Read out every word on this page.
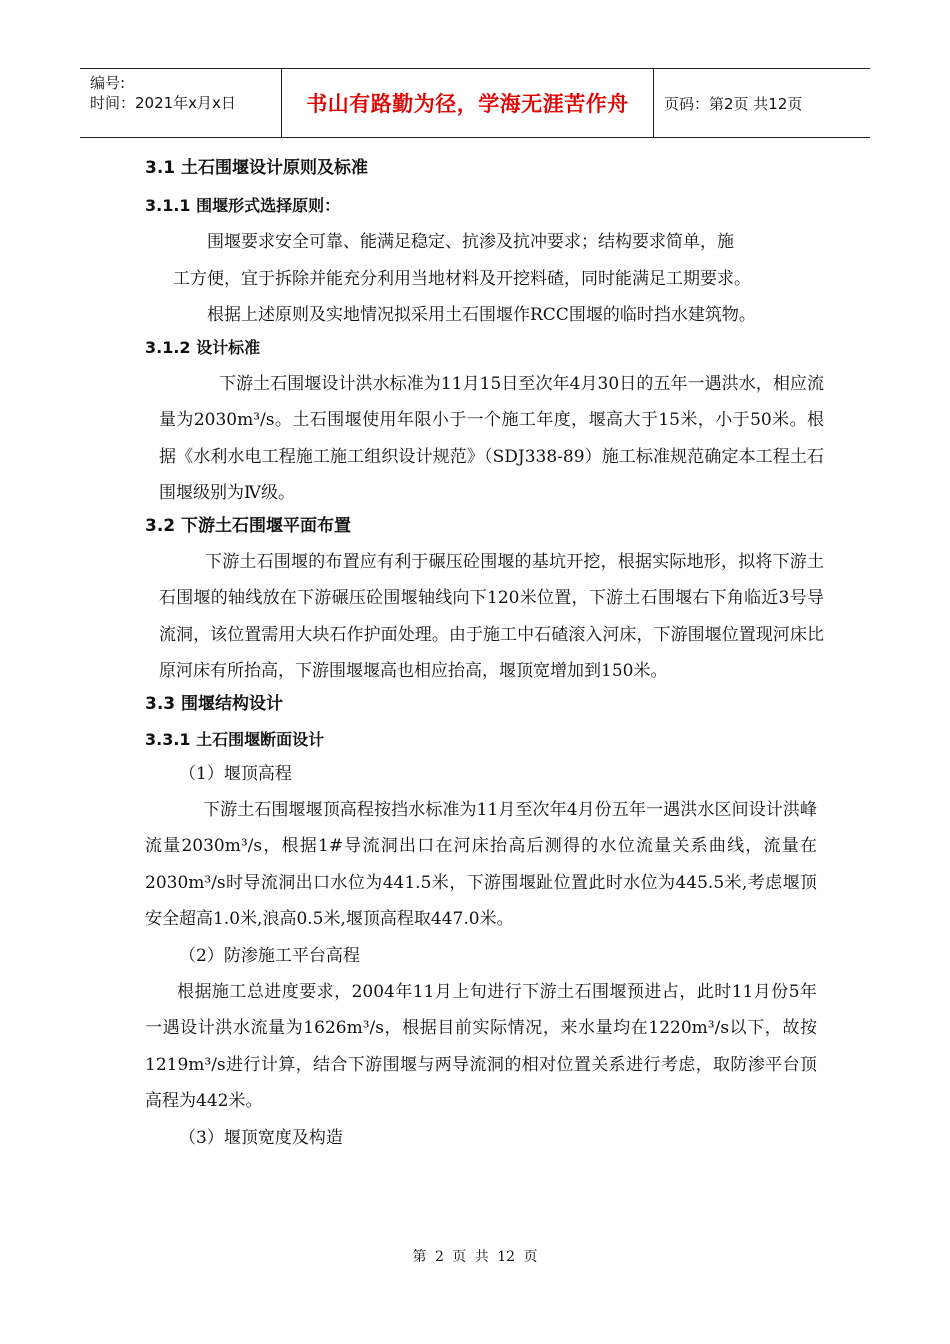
编号:
时间：2021年x月x日	书山有路勤为径，学海无涯苦作舟	页码：第2页 共12页
3.1 土石围堰设计原则及标准
3.1.1 围堰形式选择原则：
围堰要求安全可靠、能满足稳定、抗渗及抗冲要求；结构要求简单，施
工方便，宜于拆除并能充分利用当地材料及开挖料碴，同时能满足工期要求。
根据上述原则及实地情况拟采用土石围堰作RCC围堰的临时挡水建筑物。
3.1.2 设计标准
下游土石围堰设计洪水标准为11月15日至次年4月30日的五年一遇洪水，相应流量为2030m³/s。土石围堰使用年限小于一个施工年度，堰高大于15米，小于50米。根据《水利水电工程施工施工组织设计规范》（SDJ338-89）施工标准规范确定本工程土石围堰级别为Ⅳ级。
3.2 下游土石围堰平面布置
下游土石围堰的布置应有利于碾压砼围堰的基坑开挖，根据实际地形，拟将下游土石围堰的轴线放在下游碾压砼围堰轴线向下120米位置，下游土石围堰右下角临近3号导流洞，该位置需用大块石作护面处理。由于施工中石碴滚入河床，下游围堰位置现河床比原河床有所抬高，下游围堰堰高也相应抬高，堰顶宽增加到150米。
3.3 围堰结构设计
3.3.1 土石围堰断面设计
（1）堰顶高程
下游土石围堰堰顶高程按挡水标准为11月至次年4月份五年一遇洪水区间设计洪峰流量2030m³/s，根据1#导流洞出口在河床抬高后测得的水位流量关系曲线，流量在2030m³/s时导流洞出口水位为441.5米，下游围堰趾位置此时水位为445.5米,考虑堰顶安全超高1.0米,浪高0.5米,堰顶高程取447.0米。
（2）防渗施工平台高程
根据施工总进度要求，2004年11月上旬进行下游土石围堰预进占，此时11月份5年一遇设计洪水流量为1626m³/s，根据目前实际情况，来水量均在1220m³/s以下，故按1219m³/s进行计算，结合下游围堰与两导流洞的相对位置关系进行考虑，取防渗平台顶高程为442米。
（3）堰顶宽度及构造
第 2 页 共 12 页
